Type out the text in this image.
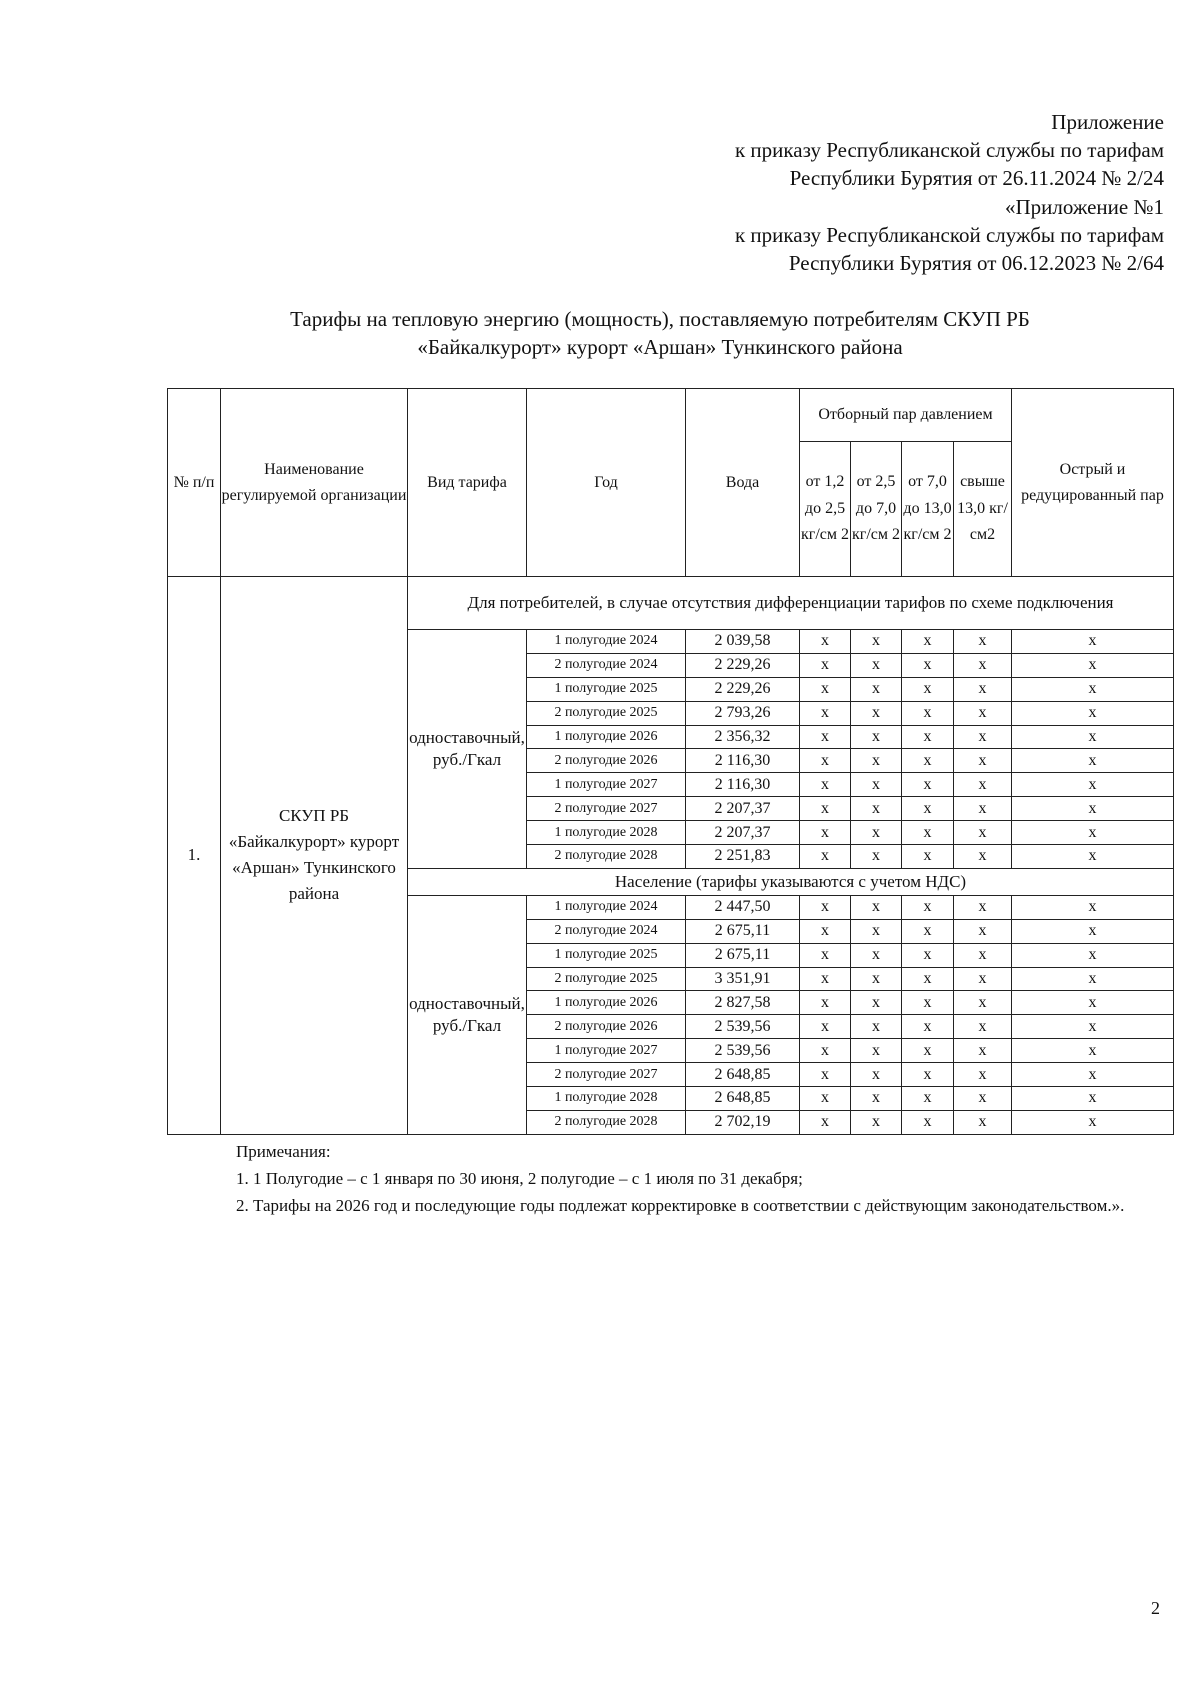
Приложение
к приказу Республиканской службы по тарифам
Республики Бурятия от 26.11.2024 № 2/24
«Приложение №1
к приказу Республиканской службы по тарифам
Республики Бурятия от 06.12.2023 № 2/64
Тарифы на тепловую энергию (мощность), поставляемую потребителям СКУП РБ
«Байкалкурорт» курорт «Аршан» Тункинского района
№ п/п	Наименование регулируемой организации	Вид тарифа	Год	Вода	Отборный пар давлением				Острый и редуцированный пар
					от 1,2 до 2,5 кг/см 2	от 2,5 до 7,0 кг/см 2	от 7,0 до 13,0 кг/см 2	свыше 13,0 кг/см2	
1.	СКУП РБ «Байкалкурорт» курорт «Аршан» Тункинского района	Для потребителей, в случае отсутствия дифференциации тарифов по схеме подключения							
		одноставочный, руб./Гкал	1 полугодие 2024	2 039,58	х	х	х	х	х
			2 полугодие 2024	2 229,26	х	х	х	х	х
			1 полугодие 2025	2 229,26	х	х	х	х	х
			2 полугодие 2025	2 793,26	х	х	х	х	х
			1 полугодие 2026	2 356,32	х	х	х	х	х
			2 полугодие 2026	2 116,30	х	х	х	х	х
			1 полугодие 2027	2 116,30	х	х	х	х	х
			2 полугодие 2027	2 207,37	х	х	х	х	х
			1 полугодие 2028	2 207,37	х	х	х	х	х
			2 полугодие 2028	2 251,83	х	х	х	х	х
		Население (тарифы указываются с учетом НДС)							
		одноставочный, руб./Гкал	1 полугодие 2024	2 447,50	х	х	х	х	х
			2 полугодие 2024	2 675,11	х	х	х	х	х
			1 полугодие 2025	2 675,11	х	х	х	х	х
			2 полугодие 2025	3 351,91	х	х	х	х	х
			1 полугодие 2026	2 827,58	х	х	х	х	х
			2 полугодие 2026	2 539,56	х	х	х	х	х
			1 полугодие 2027	2 539,56	х	х	х	х	х
			2 полугодие 2027	2 648,85	х	х	х	х	х
			1 полугодие 2028	2 648,85	х	х	х	х	х
			2 полугодие 2028	2 702,19	х	х	х	х	х
Примечания:
1. 1 Полугодие – с 1 января по 30 июня, 2 полугодие – с 1 июля по 31 декабря;
2. Тарифы на 2026 год и последующие годы подлежат корректировке в соответствии с действующим законодательством.».
2
